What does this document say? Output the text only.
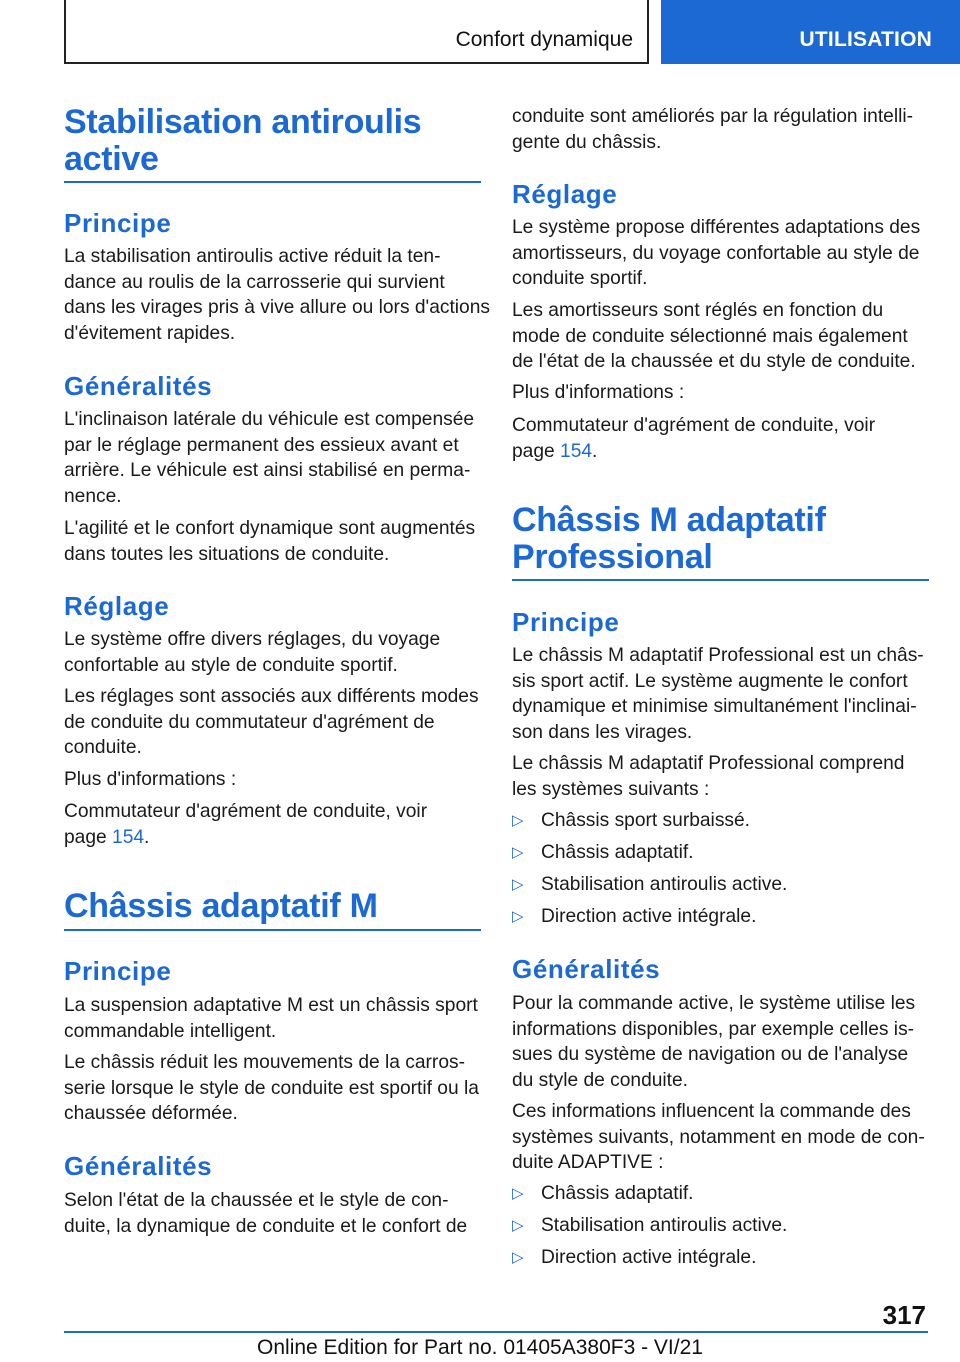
Confort dynamique	UTILISATION
Stabilisation antiroulis
active
Principe
La stabilisation antiroulis active réduit la ten-
dance au roulis de la carrosserie qui survient
dans les virages pris à vive allure ou lors d'actions
d'évitement rapides.
Généralités
L'inclinaison latérale du véhicule est compensée
par le réglage permanent des essieux avant et
arrière. Le véhicule est ainsi stabilisé en perma-
nence.
L'agilité et le confort dynamique sont augmentés
dans toutes les situations de conduite.
Réglage
Le système offre divers réglages, du voyage
confortable au style de conduite sportif.
Les réglages sont associés aux différents modes
de conduite du commutateur d'agrément de
conduite.
Plus d'informations :
Commutateur d'agrément de conduite, voir
page 154.
Châssis adaptatif M
Principe
La suspension adaptative M est un châssis sport
commandable intelligent.
Le châssis réduit les mouvements de la carros-
serie lorsque le style de conduite est sportif ou la
chaussée déformée.
Généralités
Selon l'état de la chaussée et le style de con-
duite, la dynamique de conduite et le confort de
conduite sont améliorés par la régulation intelli-
gente du châssis.
Réglage
Le système propose différentes adaptations des
amortisseurs, du voyage confortable au style de
conduite sportif.
Les amortisseurs sont réglés en fonction du
mode de conduite sélectionné mais également
de l'état de la chaussée et du style de conduite.
Plus d'informations :
Commutateur d'agrément de conduite, voir
page 154.
Châssis M adaptatif
Professional
Principe
Le châssis M adaptatif Professional est un châs-
sis sport actif. Le système augmente le confort
dynamique et minimise simultanément l'inclinai-
son dans les virages.
Le châssis M adaptatif Professional comprend
les systèmes suivants :
▷ Châssis sport surbaissé.
▷ Châssis adaptatif.
▷ Stabilisation antiroulis active.
▷ Direction active intégrale.
Généralités
Pour la commande active, le système utilise les
informations disponibles, par exemple celles is-
sues du système de navigation ou de l'analyse
du style de conduite.
Ces informations influencent la commande des
systèmes suivants, notamment en mode de con-
duite ADAPTIVE :
▷ Châssis adaptatif.
▷ Stabilisation antiroulis active.
▷ Direction active intégrale.
317
Online Edition for Part no. 01405A380F3 - VI/21
